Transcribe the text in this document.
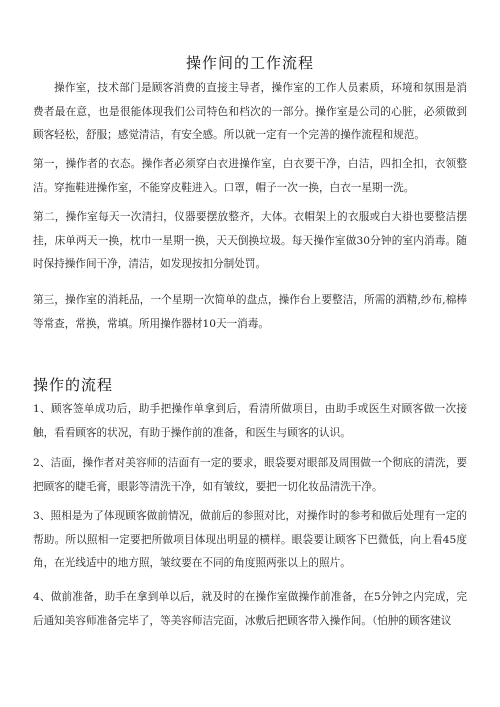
操作间的工作流程

操作室，技术部门是顾客消费的直接主导者，操作室的工作人员素质，环境和氛围是消费者最在意，也是很能体现我们公司特色和档次的一部分。操作室是公司的心脏，必须做到顾客轻松，舒服；感觉清洁，有安全感。所以就一定有一个完善的操作流程和规范。

第一，操作者的衣态。操作者必须穿白衣进操作室，白衣要干净，白洁，四扣全扣，衣领整洁。穿拖鞋进操作室，不能穿皮鞋进入。口罩，帽子一次一换，白衣一星期一洗。

第二，操作室每天一次清扫，仪器要摆放整齐，大体。衣帽架上的衣服或白大褂也要整洁摆挂，床单两天一换，枕巾一星期一换，天天倒换垃圾。每天操作室做30分钟的室内消毒。随时保持操作间干净，清洁，如发现按扣分制处罚。

第三，操作室的消耗品，一个星期一次简单的盘点，操作台上要整洁，所需的酒精,纱布,棉棒等常查，常换，常填。所用操作器材10天一消毒。

操作的流程

1、顾客签单成功后，助手把操作单拿到后，看清所做项目，由助手或医生对顾客做一次接触，看看顾客的状况，有助于操作前的准备，和医生与顾客的认识。

2、洁面，操作者对美容师的洁面有一定的要求，眼袋要对眼部及周围做一个彻底的清洗，要把顾客的睫毛膏，眼影等清洗干净，如有皱纹，要把一切化妆品清洗干净。

3、照相是为了体现顾客做前情况，做前后的参照对比，对操作时的参考和做后处理有一定的帮助。所以照相一定要把所做项目体现出明显的横样。眼袋要让顾客下巴微低，向上看45度角，在光线适中的地方照，皱纹要在不同的角度照两张以上的照片。

4、做前准备，助手在拿到单以后，就及时的在操作室做操作前准备，在5分钟之内完成，完后通知美容师准备完毕了，等美容师洁完面，冰敷后把顾客带入操作间。（怕肿的顾客建议
